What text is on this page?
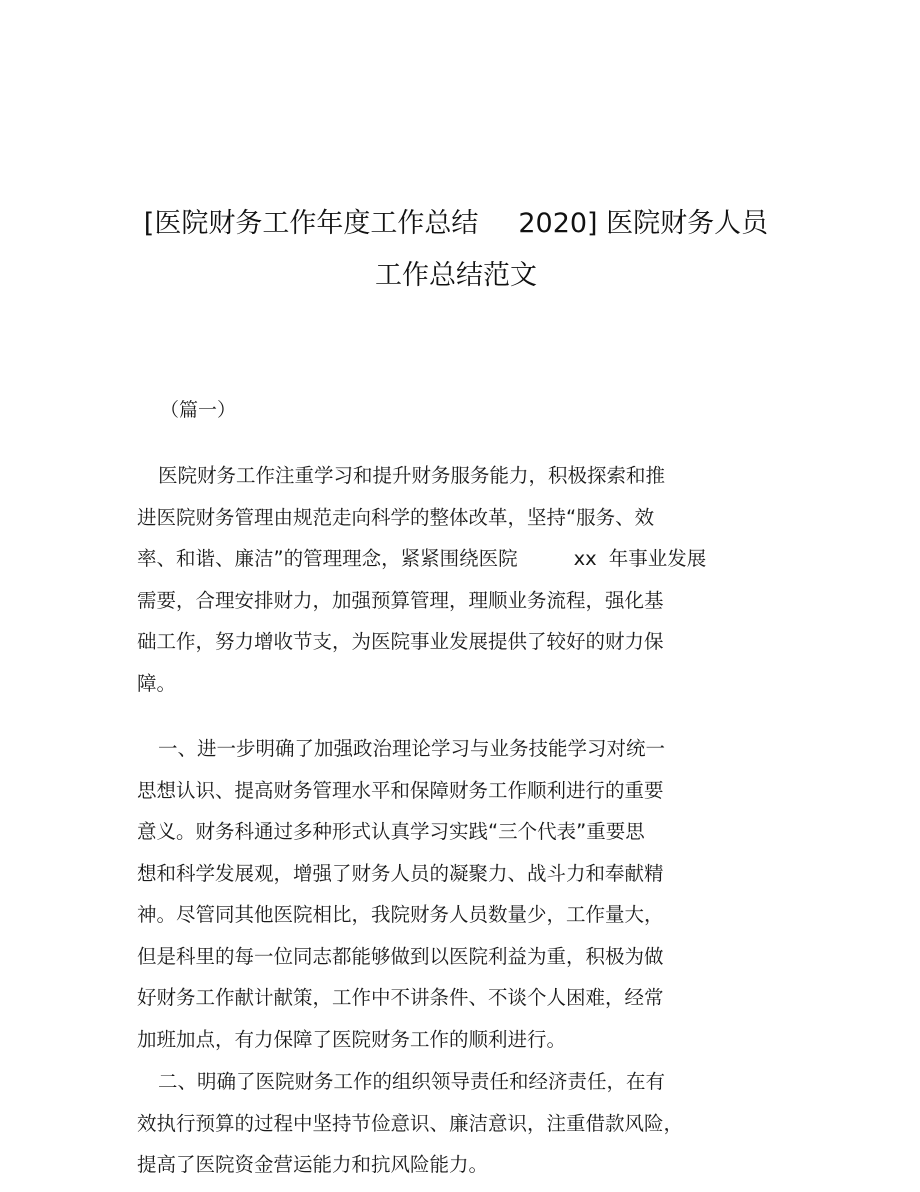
[医院财务工作年度工作总结 2020] 医院财务人员
工作总结范文
（篇一）
医院财务工作注重学习和提升财务服务能力，积极探索和推
进医院财务管理由规范走向科学的整体改革，坚持“服务、效
率、和谐、廉洁”的管理理念，紧紧围绕医院	xx 年事业发展
需要，合理安排财力，加强预算管理，理顺业务流程，强化基
础工作，努力增收节支，为医院事业发展提供了较好的财力保
障。
一、进一步明确了加强政治理论学习与业务技能学习对统一
思想认识、提高财务管理水平和保障财务工作顺利进行的重要
意义。财务科通过多种形式认真学习实践“三个代表”重要思
想和科学发展观，增强了财务人员的凝聚力、战斗力和奉献精
神。尽管同其他医院相比，我院财务人员数量少，工作量大，
但是科里的每一位同志都能够做到以医院利益为重，积极为做
好财务工作献计献策，工作中不讲条件、不谈个人困难，经常
加班加点，有力保障了医院财务工作的顺利进行。
二、明确了医院财务工作的组织领导责任和经济责任，在有
效执行预算的过程中坚持节俭意识、廉洁意识，注重借款风险，
提高了医院资金营运能力和抗风险能力。
